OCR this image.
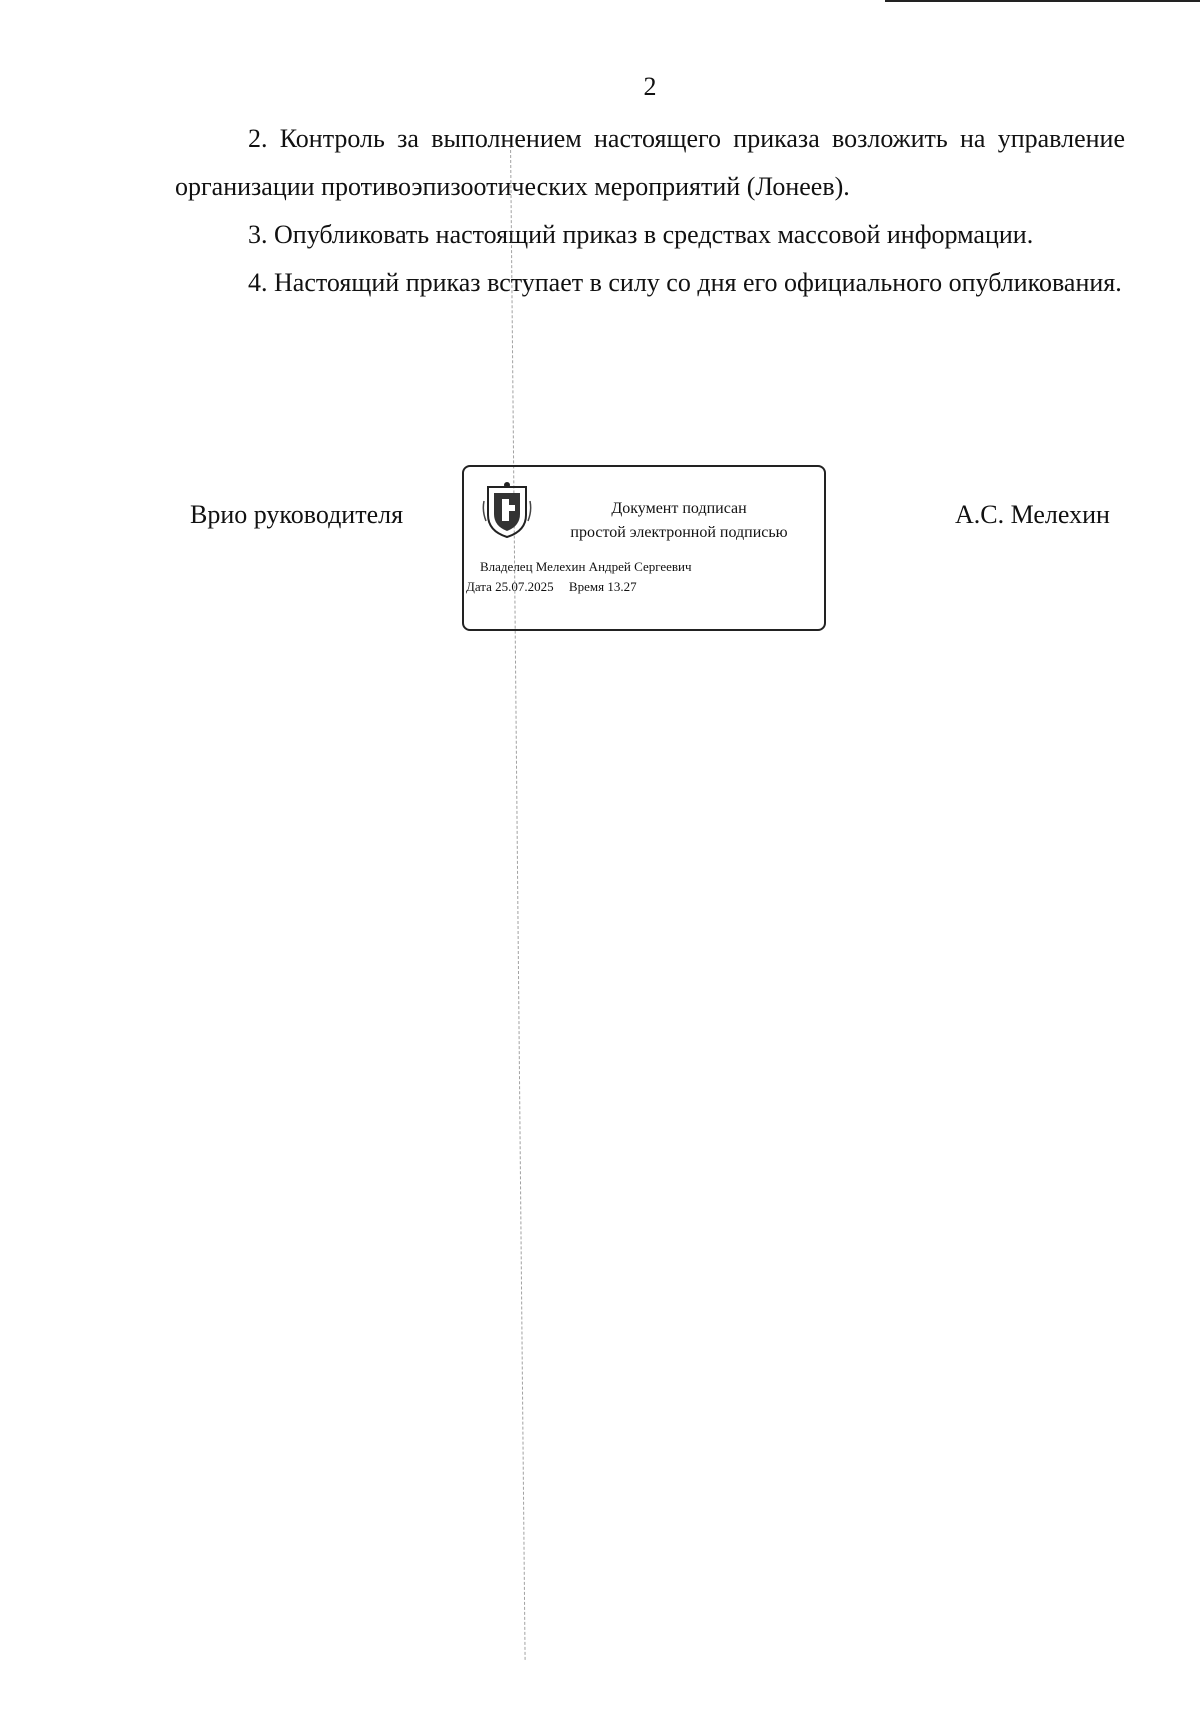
2

2. Контроль за выполнением настоящего приказа возложить на управление организации противоэпизоотических мероприятий (Лонеев).

3. Опубликовать настоящий приказ в средствах массовой информации.

4. Настоящий приказ вступает в силу со дня его официального опубликования.

Врио руководителя	Документ подписан
простой электронной подписью
Владелец Мелехин Андрей Сергеевич
Дата 25.07.2025 Время 13.27
А.С. Мелехин
